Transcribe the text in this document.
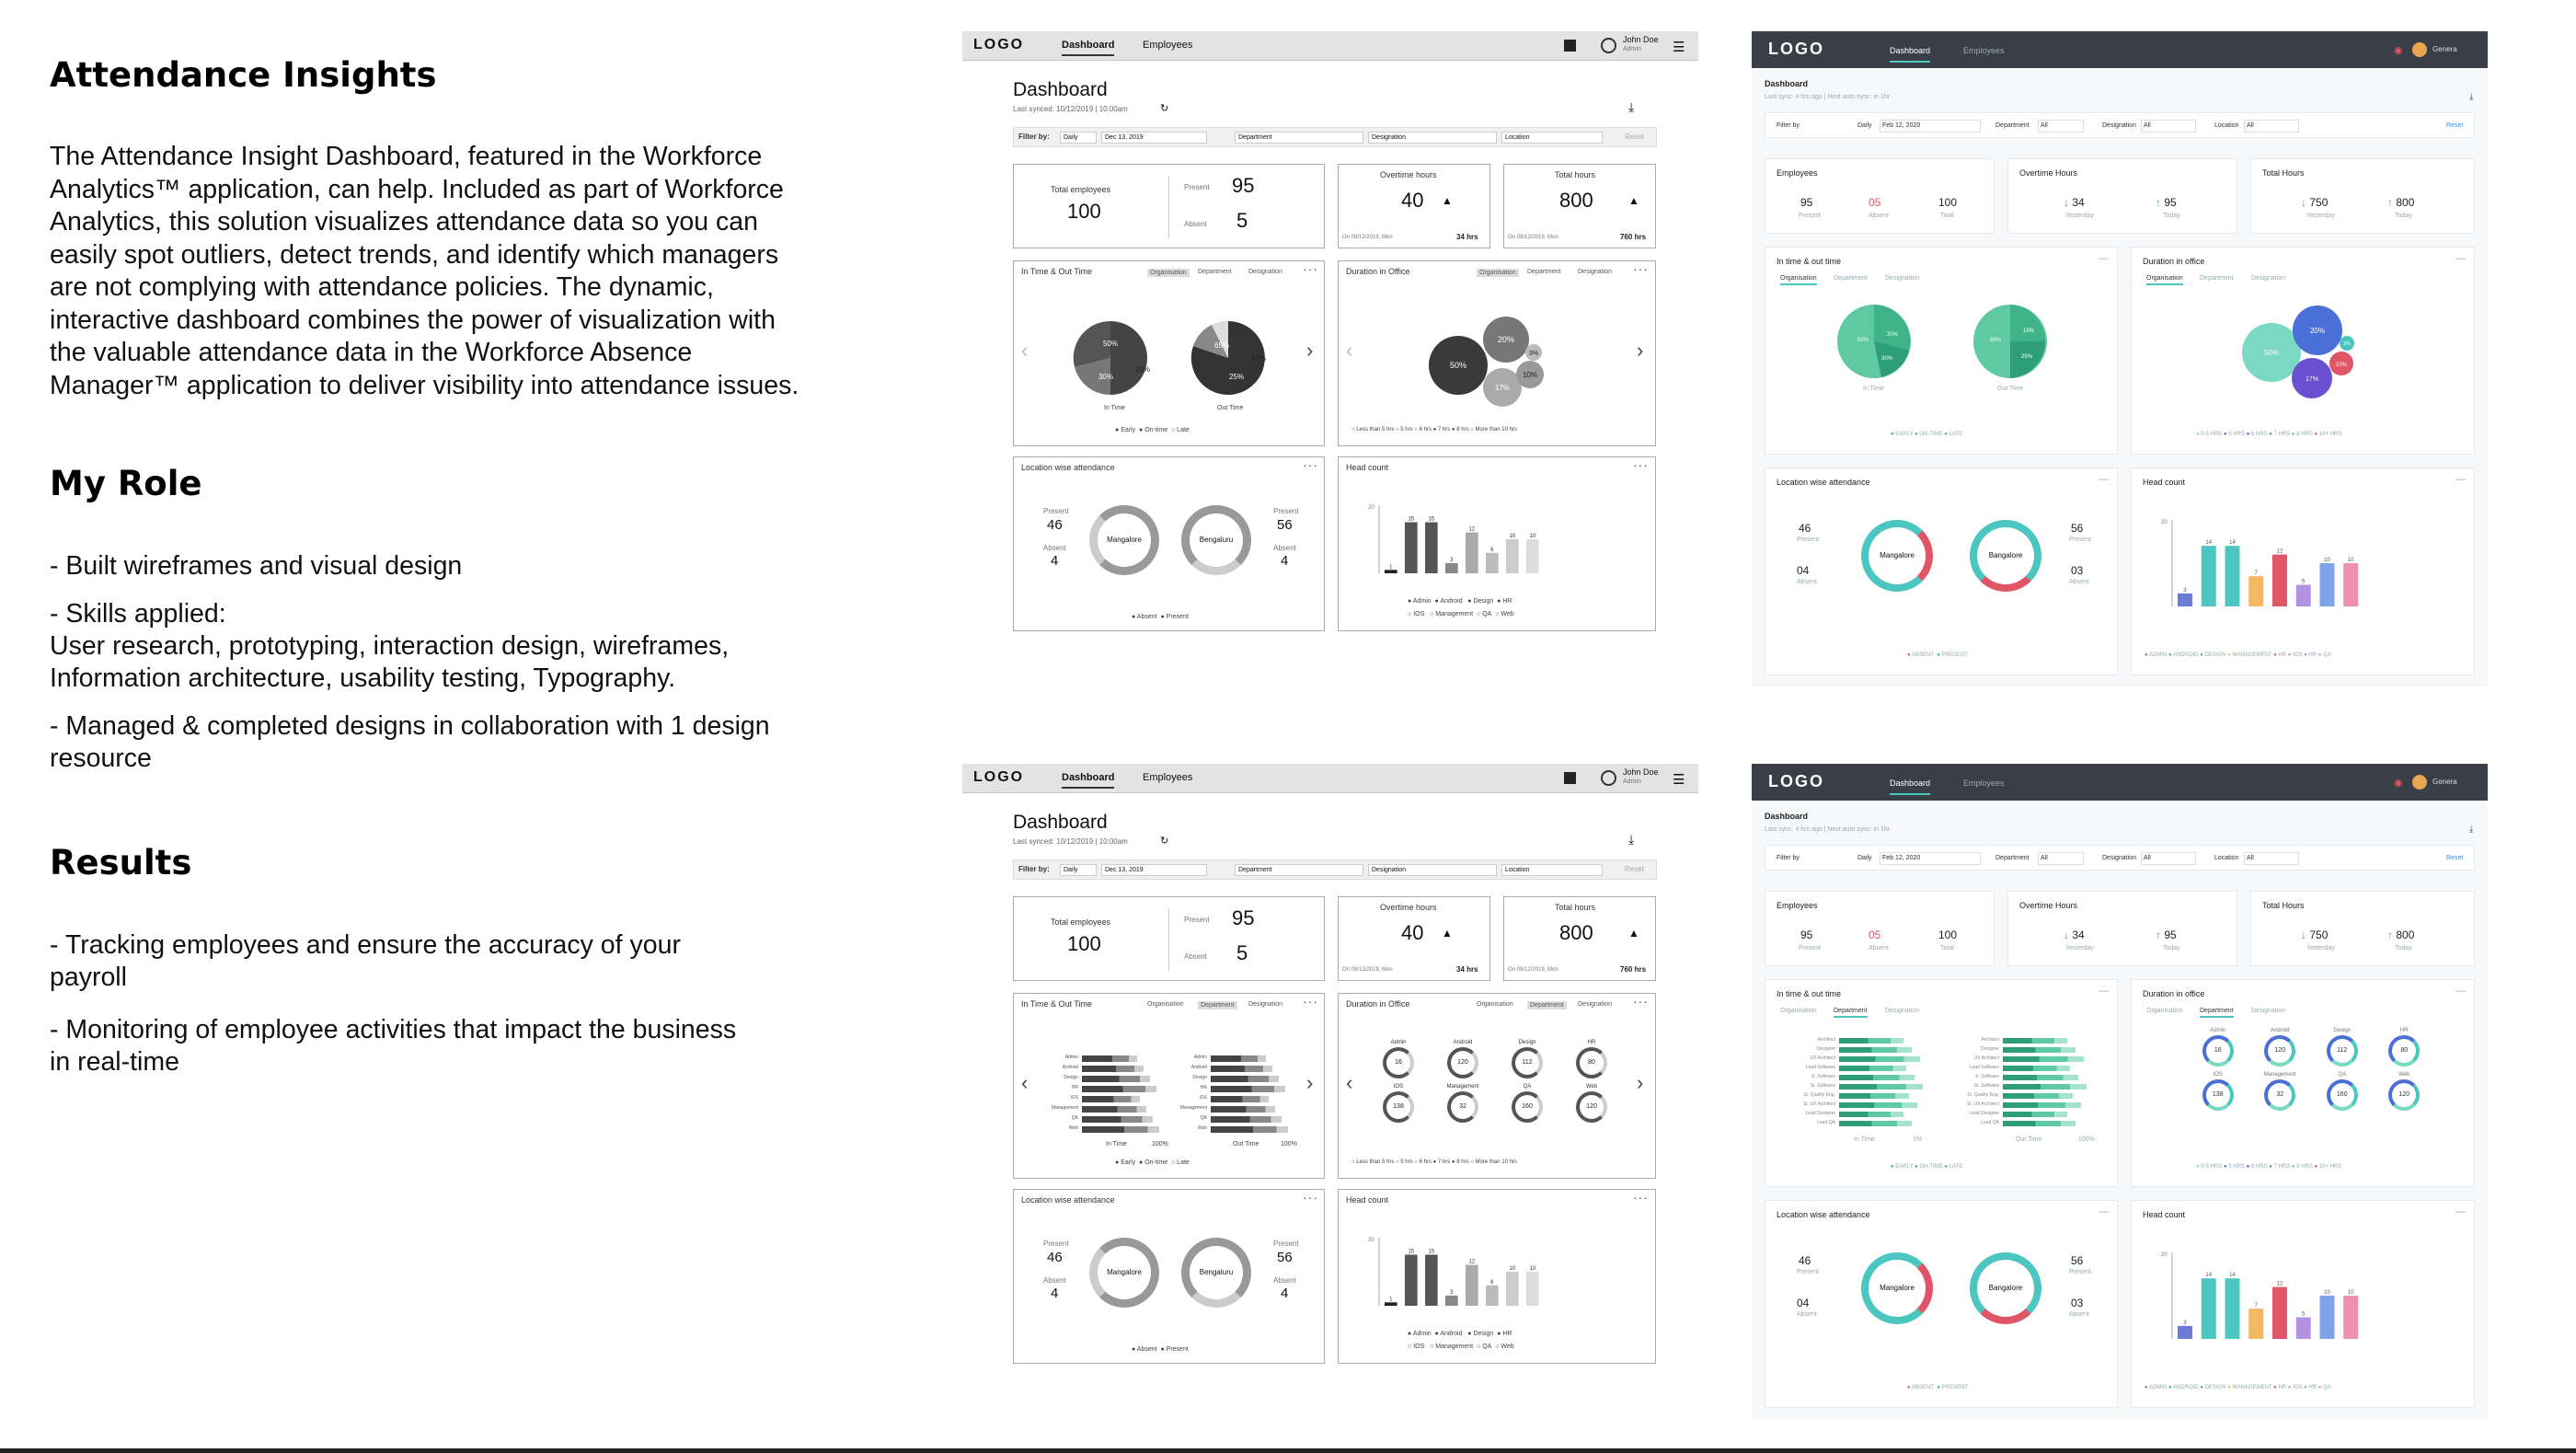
Attendance Insights
The Attendance Insight Dashboard, featured in the Workforce
Analytics™ application, can help. Included as part of Workforce
Analytics, this solution visualizes attendance data so you can
easily spot outliers, detect trends, and identify which managers
are not complying with attendance policies. The dynamic,
interactive dashboard combines the power of visualization with
the valuable attendance data in the Workforce Absence
Manager™ application to deliver visibility into attendance issues.
My Role
- Built wireframes and visual design
- Skills applied:
User research, prototyping, interaction design, wireframes,
Information architecture, usability testing, Typography.
- Managed & completed designs in collaboration with 1 design
resource
Results
- Tracking employees and ensure the accuracy of your
payroll
- Monitoring of employee activities that impact the business
in real-time
LOGO	Dashboard	Employees	John Doe
Admin ☰
Dashboard
Last synced: 10/12/2019 | 10:00am	↻	⤓
Filter by:	Daily	Dec 13, 2019	Department	Designation	Location	Reset
Total employees
100
Present 95
Absent 5
Overtime hours
40 ▲
On 09/12/2019, Mon	34 hrs
Total hours
800	▲
On 09/12/2019, Mon	760 hrs
In Time & Out Time	Organisation	Department	Designation ···
‹	›
50%
30%
20%
In Time
65%
25%
10%
Out Time
● Early  ● On-time  ○ Late
Duration in Office	Organisation	Department	Designation ···
‹	›
50%
20%
17%
10%
3%
○ Less than 5 hrs ○ 5 hrs ○ 6 hrs ● 7 hrs ● 8 hrs ○ More than 10 hrs
Location wise attendance	···
Present
46
Absent
4
Mangalore	Bengaluru
Present
56
Absent
4
● Absent  ● Present
Head count	···
20
1
15	15
3
12
6
10	10
● Admin  ● Android   ● Design  ● HR
○ IOS   ○ Management  ○ QA  ○ Web
LOGO	Dashboard	Employees	John Doe
Admin ☰
Dashboard
Last synced: 10/12/2019 | 10:00am	↻	⤓
Filter by:	Daily	Dec 13, 2019	Department	Designation	Location	Reset
Total employees
100
Present 95
Absent 5
Overtime hours
40 ▲
On 09/12/2019, Mon	34 hrs
Total hours
800	▲
On 09/12/2019, Mon	760 hrs
In Time & Out Time	Organisation	Department	Designation ···
‹	›
Admin
Android
Design
HR
iOS
Management
QA
Web
Admin
Android
Design
HR
iOS
Management
QA
Web
In Time	Out Time
100%	100%
● Early  ● On-time  ○ Late
Duration in Office	Organisation	Department	Designation ···
‹	›
Admin
16
Android
120
Design
112	$\frac{HR}{80}$
IOS
138
Management
32	$\frac{QA}{160}$	Web
120
○ Less than 5 hrs ○ 5 hrs ○ 6 hrs ● 7 hrs ● 8 hrs ○ More than 10 hrs
Location wise attendance	···
Present
46
Absent
4
Mangalore	Bengaluru
Present
56
Absent
4
● Absent  ● Present
Head count	···
20
1
15	15
3
12
6
10	10
● Admin  ● Android   ● Design  ● HR
○ IOS   ○ Management  ○ QA  ○ Web
LOGO	Dashboard	Employees	◉	Genera
Dashboard
Last sync: 4 hrs ago | Next auto sync: in 1hr	⤓
Filter by	Daily	Feb 12, 2020	Department	All	Designation	All	Location	All	Reset
Employees
95	05	100
Present	Absent	Total
Overtime Hours
↓ 34	↑ 95
Yesterday	Today
Total Hours
↓ 750	↑ 800
Yesterday	Today
In time & out time	—
Organisation	Department	Designation
50%
20%
30%
In Time
65%
10%
25%
Out Time
● EARLY ● ON-TIME ● LATE
Duration in office	—
Organisation	Department	Designation
50%
20%
17%
10%
3%
● 0-5 HRS ● 5 HRS ● 6 HRS ● 7 HRS ● 8 HRS ● 10+ HRS
Location wise attendance	—
46
Present
04
Absent
Mangalore	Bangalore
56
Present
03
Absent
● ABSENT ● PRESENT
Head count	—
20
3
14	14
7
12
5
10	10
● ADMIN ● ANDROID ● DESIGN ● MANAGEMENT ● HR ● IOS ● HR ● QA
LOGO	Dashboard	Employees	◉	Genera
Dashboard
Last sync: 4 hrs ago | Next auto sync: in 1hr	⤓
Filter by	Daily	Feb 12, 2020	Department	All	Designation	All	Location	All	Reset
Employees
95	05	100
Present	Absent	Total
Overtime Hours
↓ 34	↑ 95
Yesterday	Today
Total Hours
↓ 750	↑ 800
Yesterday	Today
In time & out time	—
Organisation	Department	Designation
Architect
Designer
UX Architect
Lead Software
Jr. Software
Sr. Software
Sr. Quality Eng.
Sr. UX Architect
Lead Designer
Lead QA
Architect
Designer
UX Architect
Lead Software
Jr. Software
Sr. Software
Sr. Quality Eng.
Sr. UX Architect
Lead Designer
Lead QA
In Time	Out Time
1%	100%
● EARLY ● ON-TIME ● LATE
Duration in office	—
Organisation	Department	Designation
Admin
16
Android
120
Design
112	$\frac{HR}{80}$
IOS
138
Management
32	$\frac{QA}{160}$	Web
120
● 0-5 HRS ● 5 HRS ● 6 HRS ● 7 HRS ● 8 HRS ● 10+ HRS
Location wise attendance	—
46
Present
04
Absent
Mangalore	Bangalore
56
Present
03
Absent
● ABSENT ● PRESENT
Head count	—
20
3
14	14
7
12
5
10	10
● ADMIN ● ANDROID ● DESIGN ● MANAGEMENT ● HR ● IOS ● HR ● QA
